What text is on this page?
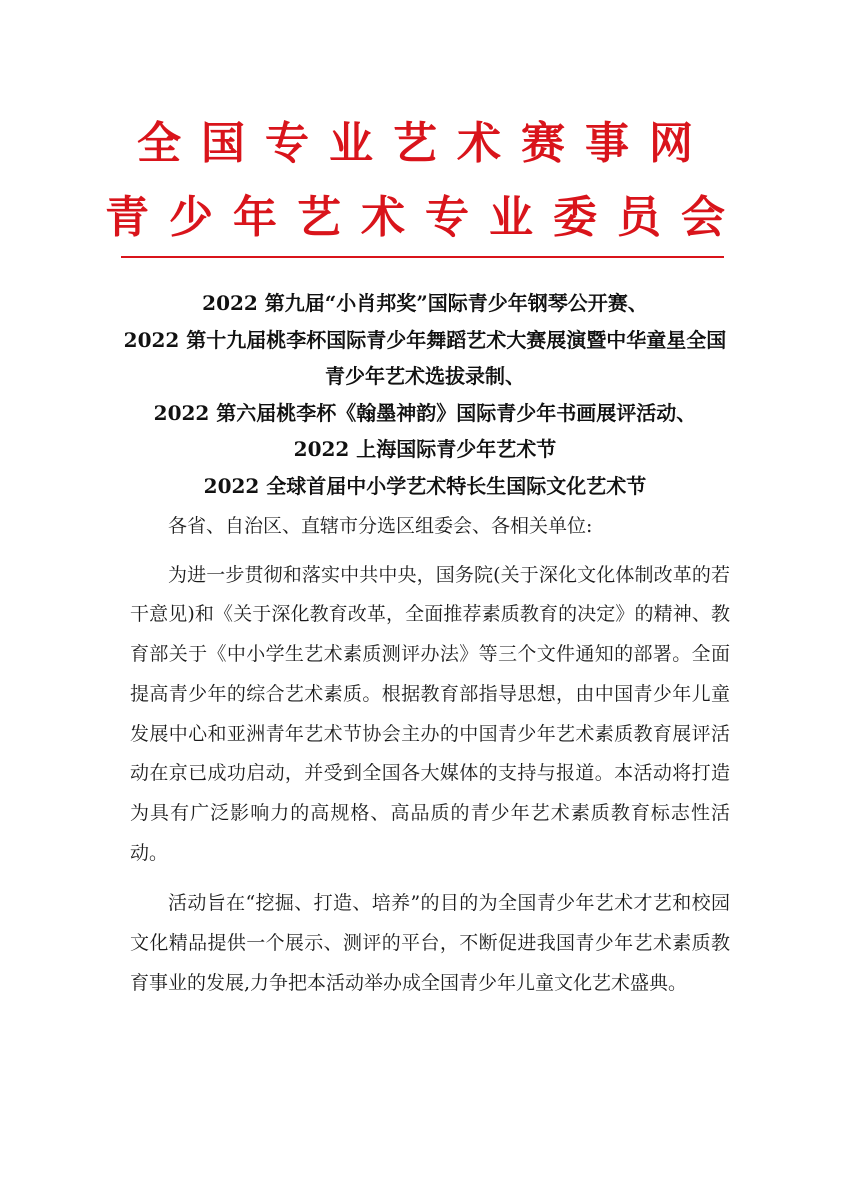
全国专业艺术赛事网
青少年艺术专业委员会
2022 第九届“小肖邦奖”国际青少年钢琴公开赛、
2022 第十九届桃李杯国际青少年舞蹈艺术大赛展演暨中华童星全国
青少年艺术选拔录制、
2022 第六届桃李杯《翰墨神韵》国际青少年书画展评活动、
2022 上海国际青少年艺术节
2022 全球首届中小学艺术特长生国际文化艺术节

各省、自治区、直辖市分选区组委会、各相关单位:

为进一步贯彻和落实中共中央，国务院(关于深化文化体制改革的若干意见)和《关于深化教育改革，全面推荐素质教育的决定》的精神、教育部关于《中小学生艺术素质测评办法》等三个文件通知的部署。全面提高青少年的综合艺术素质。根据教育部指导思想，由中国青少年儿童发展中心和亚洲青年艺术节协会主办的中国青少年艺术素质教育展评活动在京已成功启动，并受到全国各大媒体的支持与报道。本活动将打造为具有广泛影响力的高规格、高品质的青少年艺术素质教育标志性活动。

活动旨在“挖掘、打造、培养”的目的为全国青少年艺术才艺和校园文化精品提供一个展示、测评的平台，不断促进我国青少年艺术素质教育事业的发展,力争把本活动举办成全国青少年儿童文化艺术盛典。
